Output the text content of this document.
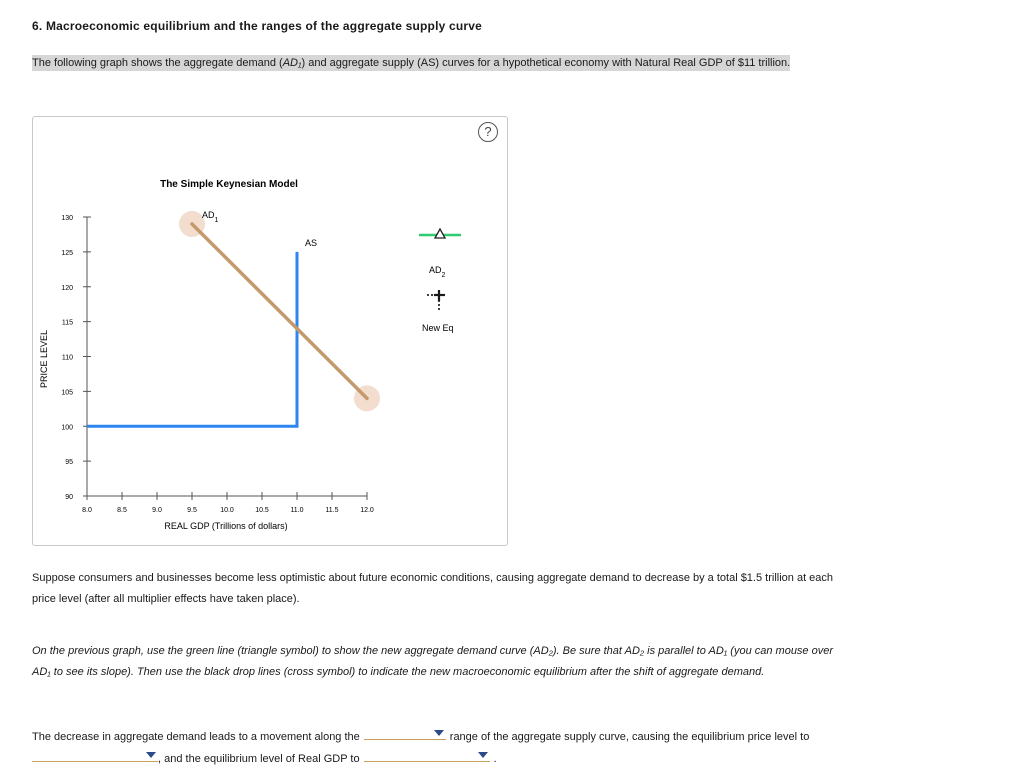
6. Macroeconomic equilibrium and the ranges of the aggregate supply curve
The following graph shows the aggregate demand (AD₁) and aggregate supply (AS) curves for a hypothetical economy with Natural Real GDP of $11 trillion.
?
The Simple Keynesian Model
PRICE LEVEL
REAL GDP (Trillions of dollars)
130
125
120
115
110
105
100
95
90
8.0	8.5	9.0	9.5	10.0	10.5	11.0	11.5	12.0
AS
$AD_1$
$AD_2$
New Eq
Suppose consumers and businesses become less optimistic about future economic conditions, causing aggregate demand to decrease by a total $1.5 trillion at each price level (after all multiplier effects have taken place).
On the previous graph, use the green line (triangle symbol) to show the new aggregate demand curve (AD₂). Be sure that AD₂ is parallel to AD₁ (you can mouse over AD₁ to see its slope). Then use the black drop lines (cross symbol) to indicate the new macroeconomic equilibrium after the shift of aggregate demand.
The decrease in aggregate demand leads to a movement along the	range of the aggregate supply curve, causing the equilibrium price level to
, and the equilibrium level of Real GDP to	.
